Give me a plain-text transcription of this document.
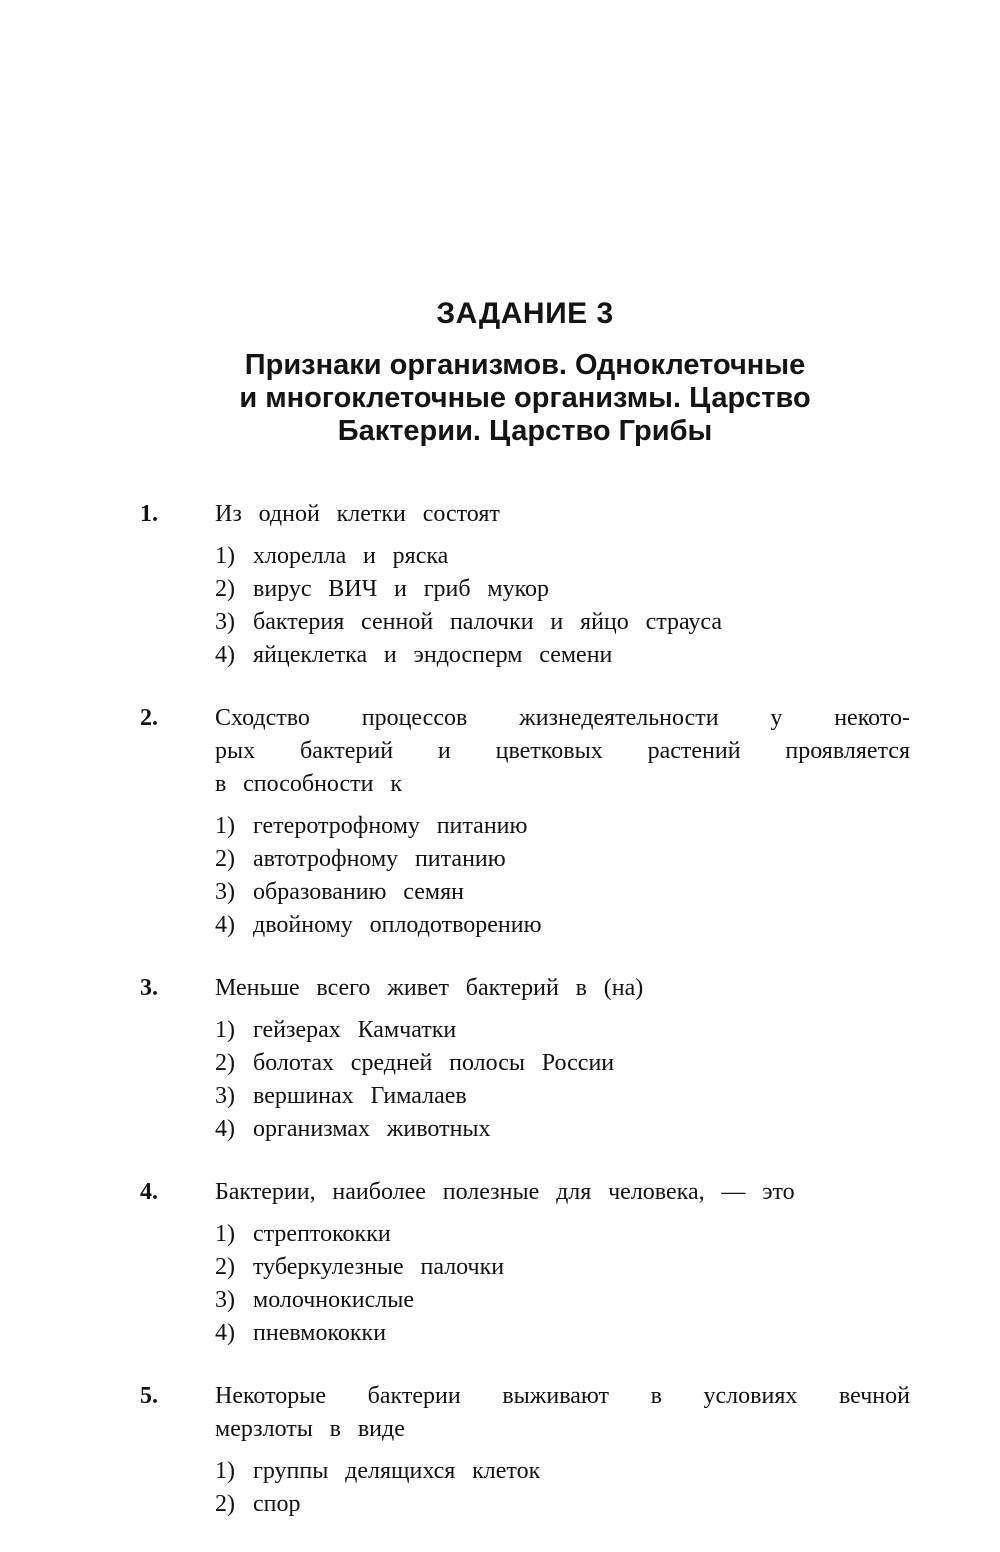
ЗАДАНИЕ 3
Признаки организмов. Одноклеточные
и многоклеточные организмы. Царство
Бактерии. Царство Грибы
1.	Из одной клетки состоят
1) хлорелла и ряска
2) вирус ВИЧ и гриб мукор
3) бактерия сенной палочки и яйцо страуса
4) яйцеклетка и эндосперм семени
2.	Сходство процессов жизнедеятельности у некото-
рых бактерий и цветковых растений проявляется
в способности к
1) гетеротрофному питанию
2) автотрофному питанию
3) образованию семян
4) двойному оплодотворению
3.	Меньше всего живет бактерий в (на)
1) гейзерах Камчатки
2) болотах средней полосы России
3) вершинах Гималаев
4) организмах животных
4.	Бактерии, наиболее полезные для человека, — это
1) стрептококки
2) туберкулезные палочки
3) молочнокислые
4) пневмококки
5.	Некоторые бактерии выживают в условиях вечной
мерзлоты в виде
1) группы делящихся клеток
2) спор
